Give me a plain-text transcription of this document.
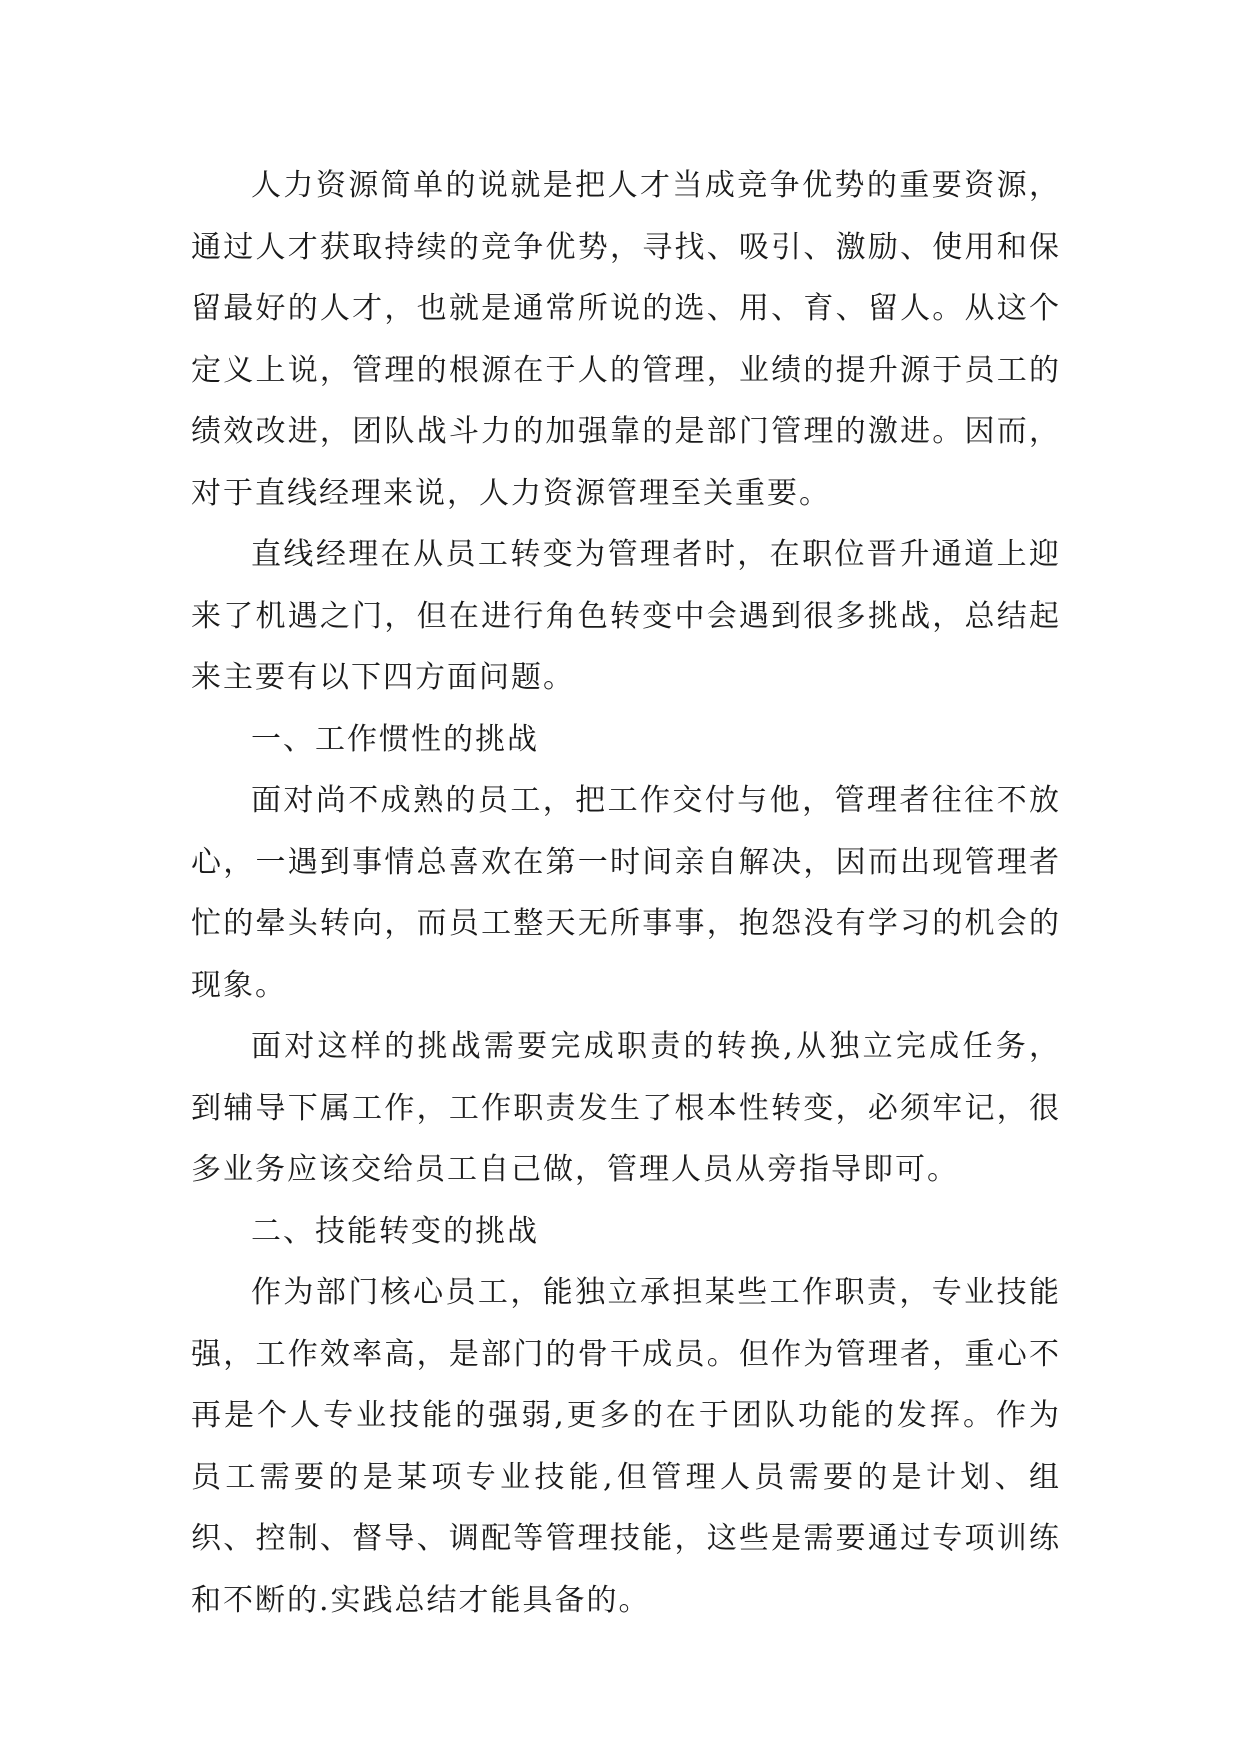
人力资源简单的说就是把人才当成竞争优势的重要资源，通过人才获取持续的竞争优势，寻找、吸引、激励、使用和保留最好的人才，也就是通常所说的选、用、育、留人。从这个定义上说，管理的根源在于人的管理，业绩的提升源于员工的绩效改进，团队战斗力的加强靠的是部门管理的激进。因而，对于直线经理来说，人力资源管理至关重要。

直线经理在从员工转变为管理者时，在职位晋升通道上迎来了机遇之门，但在进行角色转变中会遇到很多挑战，总结起来主要有以下四方面问题。

一、工作惯性的挑战

面对尚不成熟的员工，把工作交付与他，管理者往往不放心，一遇到事情总喜欢在第一时间亲自解决，因而出现管理者忙的晕头转向，而员工整天无所事事，抱怨没有学习的机会的现象。

面对这样的挑战需要完成职责的转换,从独立完成任务，到辅导下属工作，工作职责发生了根本性转变，必须牢记，很多业务应该交给员工自己做，管理人员从旁指导即可。

二、技能转变的挑战

作为部门核心员工，能独立承担某些工作职责，专业技能强，工作效率高，是部门的骨干成员。但作为管理者，重心不再是个人专业技能的强弱,更多的在于团队功能的发挥。作为员工需要的是某项专业技能,但管理人员需要的是计划、组织、控制、督导、调配等管理技能，这些是需要通过专项训练和不断的.实践总结才能具备的。
